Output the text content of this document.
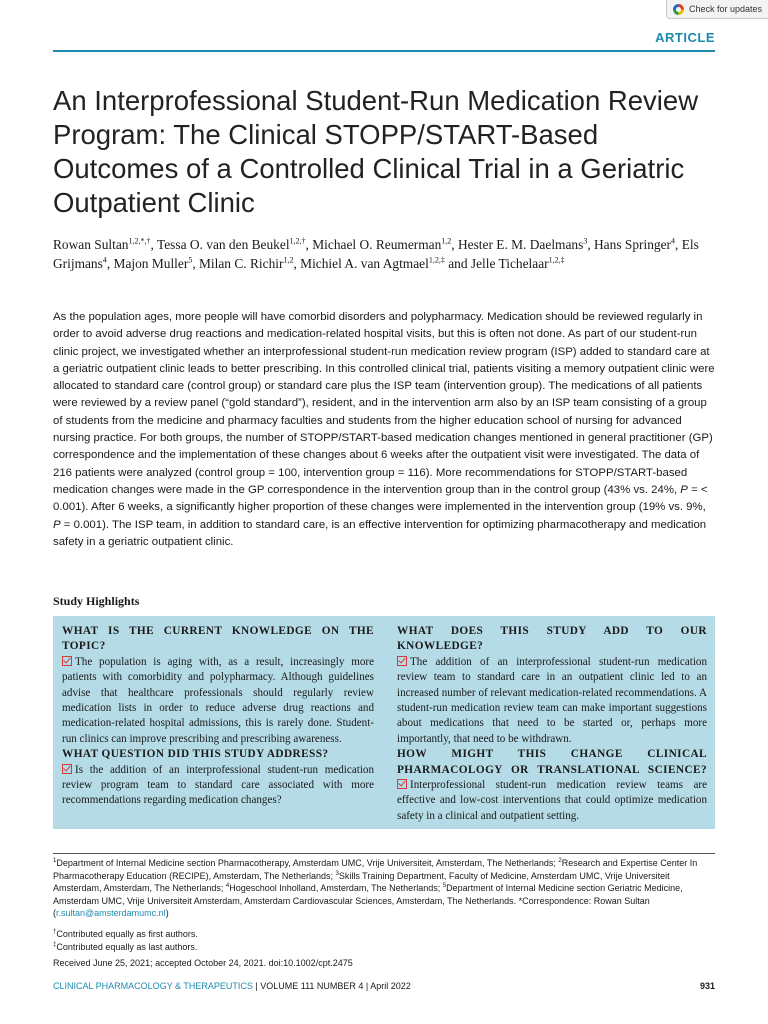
Check for updates
ARTICLE
An Interprofessional Student-Run Medication Review Program: The Clinical STOPP/START-Based Outcomes of a Controlled Clinical Trial in a Geriatric Outpatient Clinic
Rowan Sultan$^{1,2,*,\dagger}$, Tessa O. van den Beukel$^{1,2,\dagger}$, Michael O. Reumerman$^{1,2}$, Hester E. M. Daelmans$^3$, Hans Springer$^4$, Els Grijmans$^4$, Majon Muller$^5$, Milan C. Richir$^{1,2}$, Michiel A. van Agtmael$^{1,2,\ddagger}$ and Jelle Tichelaar$^{1,2,\ddagger}$
As the population ages, more people will have comorbid disorders and polypharmacy. Medication should be reviewed regularly in order to avoid adverse drug reactions and medication-related hospital visits, but this is often not done. As part of our student-run clinic project, we investigated whether an interprofessional student-run medication review program (ISP) added to standard care at a geriatric outpatient clinic leads to better prescribing. In this controlled clinical trial, patients visiting a memory outpatient clinic were allocated to standard care (control group) or standard care plus the ISP team (intervention group). The medications of all patients were reviewed by a review panel (“gold standard”), resident, and in the intervention arm also by an ISP team consisting of a group of students from the medicine and pharmacy faculties and students from the higher education school of nursing for advanced nursing practice. For both groups, the number of STOPP/START-based medication changes mentioned in general practitioner (GP) correspondence and the implementation of these changes about 6 weeks after the outpatient visit were investigated. The data of 216 patients were analyzed (control group = 100, intervention group = 116). More recommendations for STOPP/START-based medication changes were made in the GP correspondence in the intervention group than in the control group (43% vs. 24%, P = < 0.001). After 6 weeks, a significantly higher proportion of these changes were implemented in the intervention group (19% vs. 9%, P = 0.001). The ISP team, in addition to standard care, is an effective intervention for optimizing pharmacotherapy and medication safety in a geriatric outpatient clinic.
Study Highlights
WHAT IS THE CURRENT KNOWLEDGE ON THE TOPIC?
The population is aging with, as a result, increasingly more patients with comorbidity and polypharmacy. Although guidelines advise that healthcare professionals should regularly review medication lists in order to reduce adverse drug reactions and medication-related hospital admissions, this is rarely done. Student-run clinics can improve prescribing and prescribing awareness.
WHAT QUESTION DID THIS STUDY ADDRESS?
Is the addition of an interprofessional student-run medication review program team to standard care associated with more recommendations regarding medication changes?
WHAT DOES THIS STUDY ADD TO OUR KNOWLEDGE?
The addition of an interprofessional student-run medication review team to standard care in an outpatient clinic led to an increased number of relevant medication-related recommendations. A student-run medication review team can make important suggestions about medications that need to be started or, perhaps more importantly, that need to be withdrawn.
HOW MIGHT THIS CHANGE CLINICAL PHARMACOLOGY OR TRANSLATIONAL SCIENCE?
Interprofessional student-run medication review teams are effective and low-cost interventions that could optimize medication safety in a clinical and outpatient setting.
$^1$Department of Internal Medicine section Pharmacotherapy, Amsterdam UMC, Vrije Universiteit, Amsterdam, The Netherlands; $^2$Research and Expertise Center In Pharmacotherapy Education (RECIPE), Amsterdam, The Netherlands; $^3$Skills Training Department, Faculty of Medicine, Amsterdam UMC, Vrije Universiteit Amsterdam, Amsterdam, The Netherlands; $^4$Hogeschool Inholland, Amsterdam, The Netherlands; $^5$Department of Internal Medicine section Geriatric Medicine, Amsterdam UMC, Vrije Universiteit Amsterdam, Amsterdam Cardiovascular Sciences, Amsterdam, The Netherlands. *Correspondence: Rowan Sultan (r.sultan@amsterdamumc.nl)
†Contributed equally as first authors.
‡Contributed equally as last authors.
Received June 25, 2021; accepted October 24, 2021. doi:10.1002/cpt.2475
CLINICAL PHARMACOLOGY & THERAPEUTICS | VOLUME 111 NUMBER 4 | April 2022	931
